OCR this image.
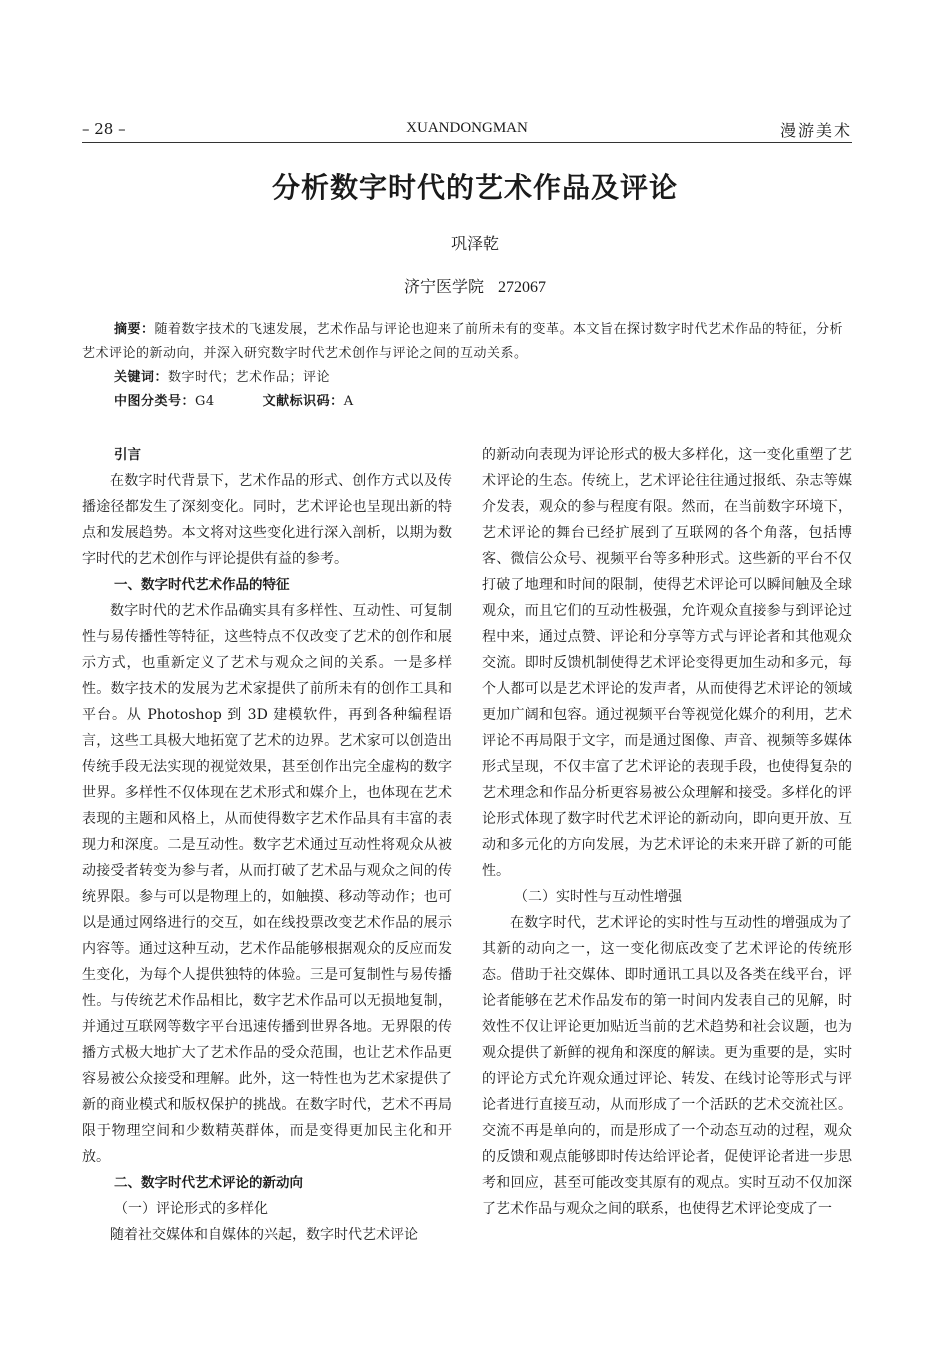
– 28 –	XUANDONGMAN	漫游美术
分析数字时代的艺术作品及评论
巩泽乾
济宁医学院 272067

摘要：随着数字技术的飞速发展，艺术作品与评论也迎来了前所未有的变革。本文旨在探讨数字时代艺术作品的特征，分析艺术评论的新动向，并深入研究数字时代艺术创作与评论之间的互动关系。

关键词：数字时代；艺术作品；评论

中图分类号：G4	文献标识码：A

引言

在数字时代背景下，艺术作品的形式、创作方式以及传播途径都发生了深刻变化。同时，艺术评论也呈现出新的特点和发展趋势。本文将对这些变化进行深入剖析，以期为数字时代的艺术创作与评论提供有益的参考。

一、数字时代艺术作品的特征

数字时代的艺术作品确实具有多样性、互动性、可复制性与易传播性等特征，这些特点不仅改变了艺术的创作和展示方式，也重新定义了艺术与观众之间的关系。一是多样性。数字技术的发展为艺术家提供了前所未有的创作工具和平台。从 Photoshop 到 3D 建模软件，再到各种编程语言，这些工具极大地拓宽了艺术的边界。艺术家可以创造出传统手段无法实现的视觉效果，甚至创作出完全虚构的数字世界。多样性不仅体现在艺术形式和媒介上，也体现在艺术表现的主题和风格上，从而使得数字艺术作品具有丰富的表现力和深度。二是互动性。数字艺术通过互动性将观众从被动接受者转变为参与者，从而打破了艺术品与观众之间的传统界限。参与可以是物理上的，如触摸、移动等动作；也可以是通过网络进行的交互，如在线投票改变艺术作品的展示内容等。通过这种互动，艺术作品能够根据观众的反应而发生变化，为每个人提供独特的体验。三是可复制性与易传播性。与传统艺术作品相比，数字艺术作品可以无损地复制，并通过互联网等数字平台迅速传播到世界各地。无界限的传播方式极大地扩大了艺术作品的受众范围，也让艺术作品更容易被公众接受和理解。此外，这一特性也为艺术家提供了新的商业模式和版权保护的挑战。在数字时代，艺术不再局限于物理空间和少数精英群体，而是变得更加民主化和开放。

二、数字时代艺术评论的新动向

（一）评论形式的多样化

随着社交媒体和自媒体的兴起，数字时代艺术评论

的新动向表现为评论形式的极大多样化，这一变化重塑了艺术评论的生态。传统上，艺术评论往往通过报纸、杂志等媒介发表，观众的参与程度有限。然而，在当前数字环境下，艺术评论的舞台已经扩展到了互联网的各个角落，包括博客、微信公众号、视频平台等多种形式。这些新的平台不仅打破了地理和时间的限制，使得艺术评论可以瞬间触及全球观众，而且它们的互动性极强，允许观众直接参与到评论过程中来，通过点赞、评论和分享等方式与评论者和其他观众交流。即时反馈机制使得艺术评论变得更加生动和多元，每个人都可以是艺术评论的发声者，从而使得艺术评论的领域更加广阔和包容。通过视频平台等视觉化媒介的利用，艺术评论不再局限于文字，而是通过图像、声音、视频等多媒体形式呈现，不仅丰富了艺术评论的表现手段，也使得复杂的艺术理念和作品分析更容易被公众理解和接受。多样化的评论形式体现了数字时代艺术评论的新动向，即向更开放、互动和多元化的方向发展，为艺术评论的未来开辟了新的可能性。

（二）实时性与互动性增强

在数字时代，艺术评论的实时性与互动性的增强成为了其新的动向之一，这一变化彻底改变了艺术评论的传统形态。借助于社交媒体、即时通讯工具以及各类在线平台，评论者能够在艺术作品发布的第一时间内发表自己的见解，时效性不仅让评论更加贴近当前的艺术趋势和社会议题，也为观众提供了新鲜的视角和深度的解读。更为重要的是，实时的评论方式允许观众通过评论、转发、在线讨论等形式与评论者进行直接互动，从而形成了一个活跃的艺术交流社区。交流不再是单向的，而是形成了一个动态互动的过程，观众的反馈和观点能够即时传达给评论者，促使评论者进一步思考和回应，甚至可能改变其原有的观点。实时互动不仅加深了艺术作品与观众之间的联系，也使得艺术评论变成了一
